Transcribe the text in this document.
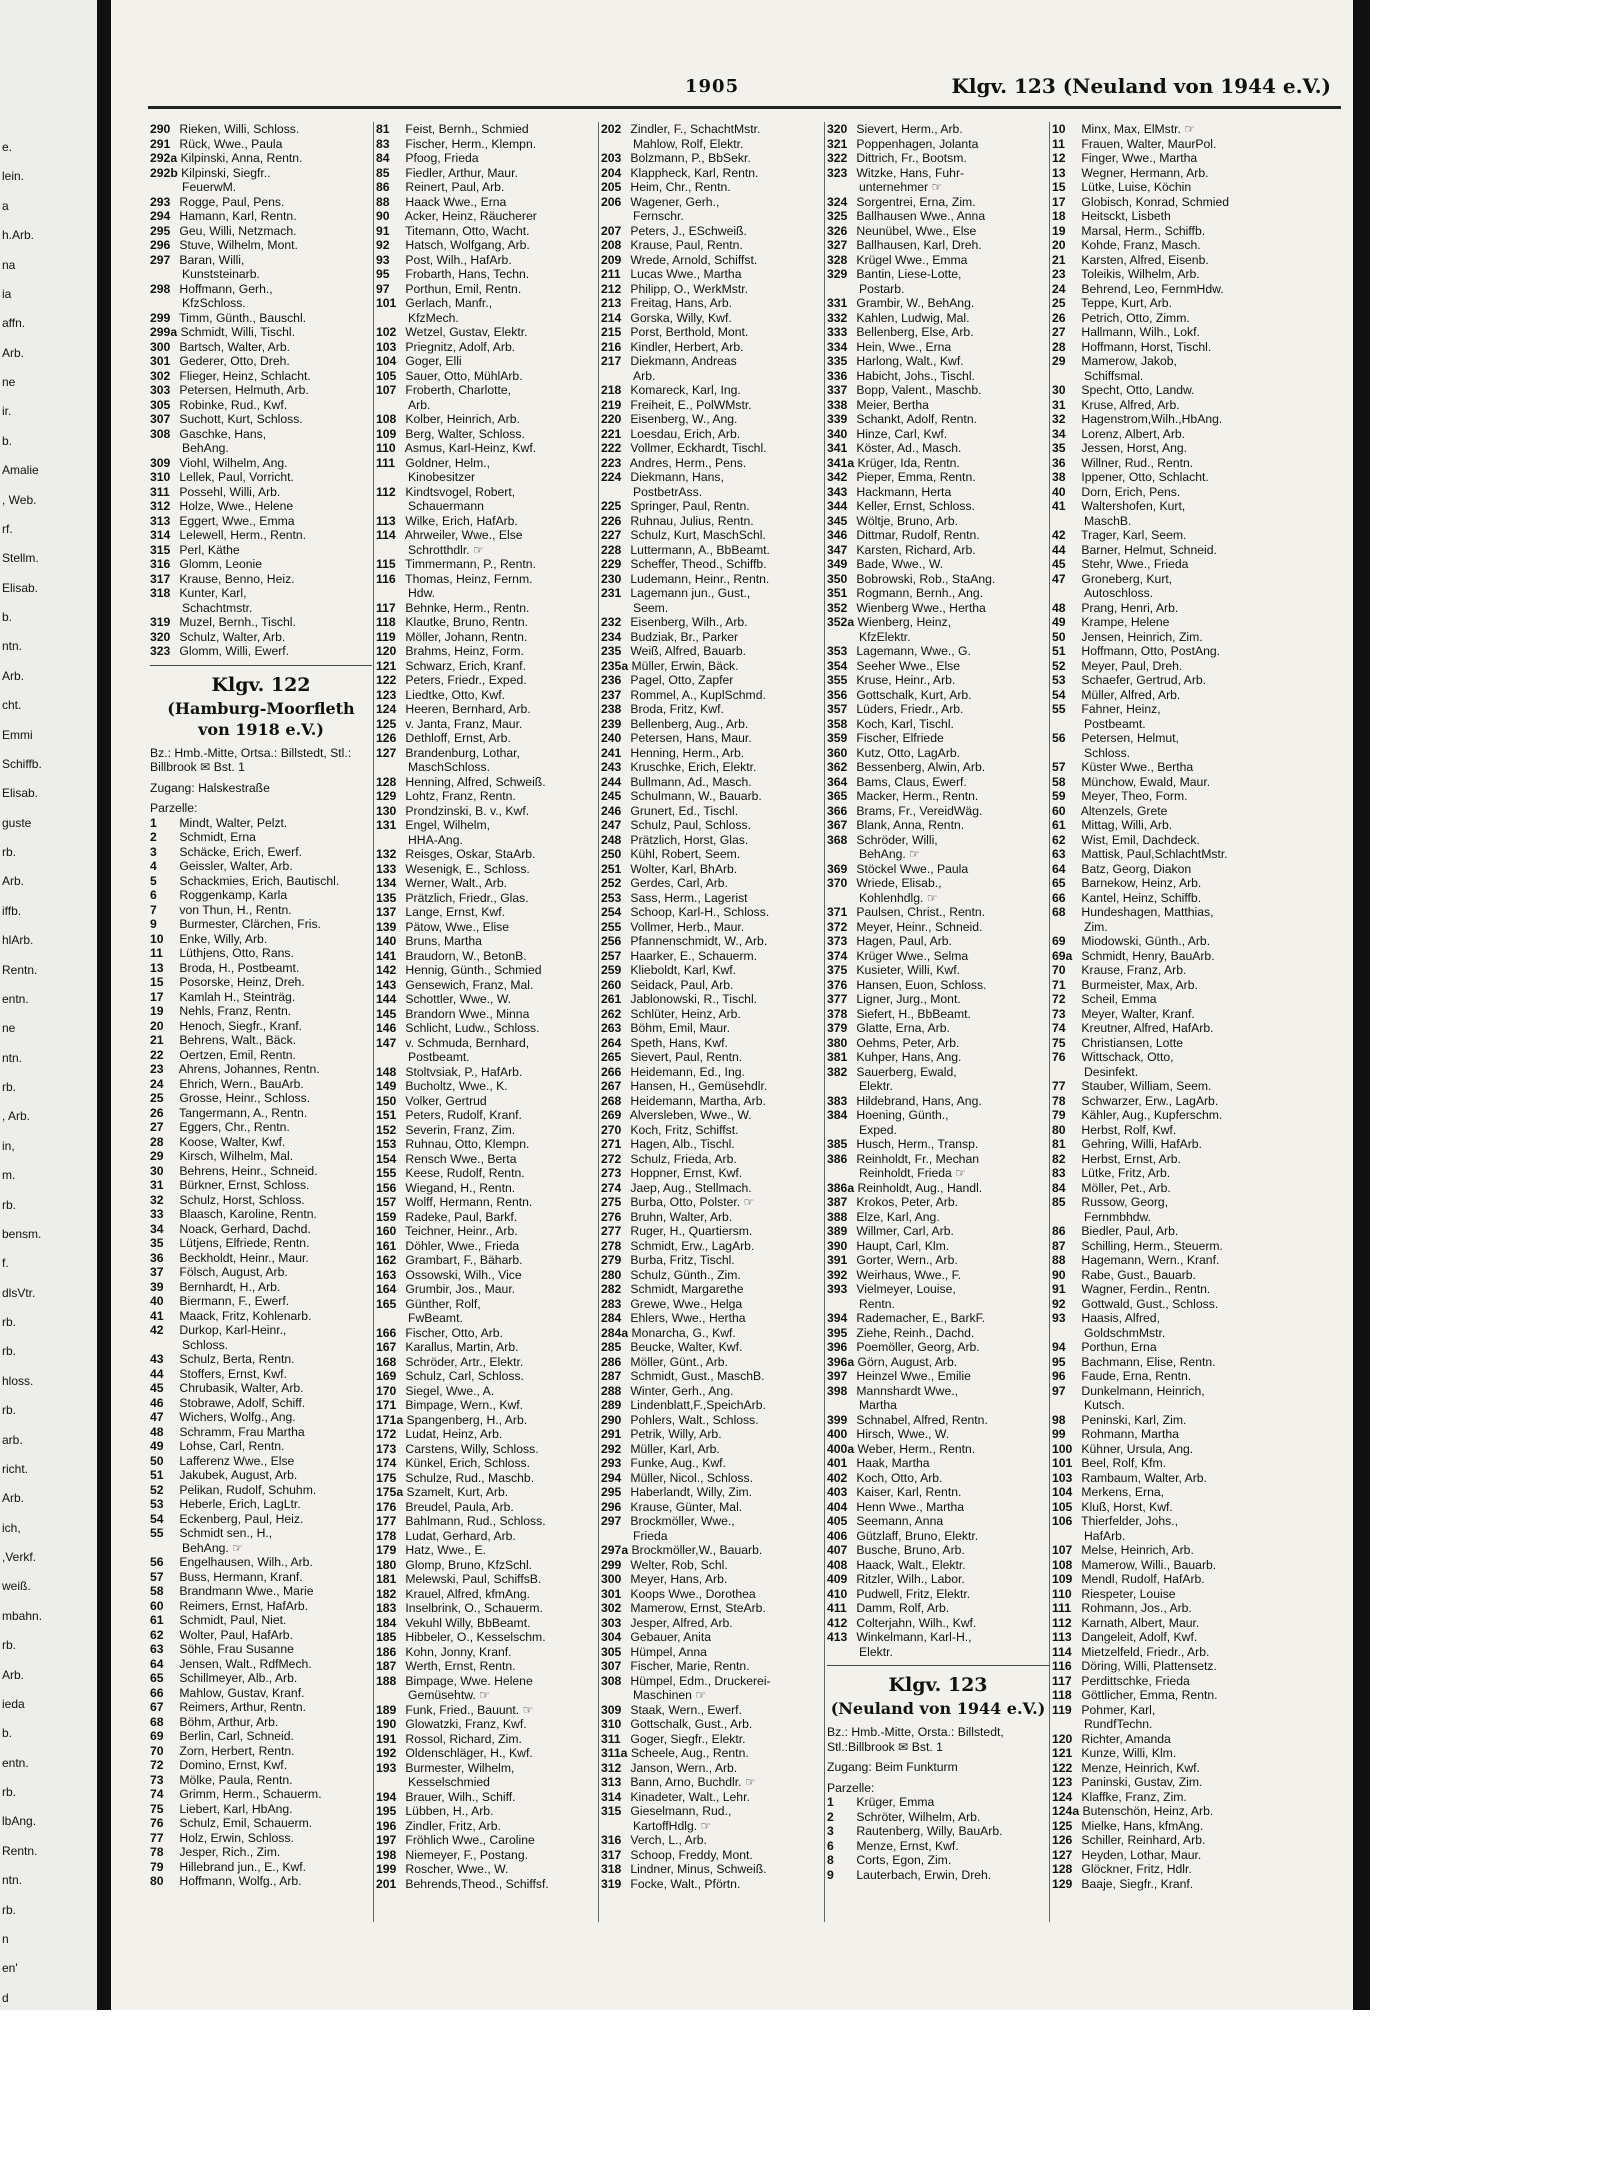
e.
lein.
a
h.Arb.
na
ia
affn.
Arb.
ne
ir.
b.
Amalie
, Web.
rf.
Stellm.
Elisab.
b.
ntn.
Arb.
cht.
Emmi
Schiffb.
Elisab.
guste
rb.
Arb.
iffb.
hlArb.
Rentn.
entn.
ne
ntn.
rb.
, Arb.
in,
m.
rb.
bensm.
f.
dlsVtr.
rb.
rb.
hloss.
rb.
arb.
richt.
Arb.
ich,
,Verkf.
weiß.
mbahn.
rb.
Arb.
ieda
b.
entn.
rb.
lbAng.
Rentn.
ntn.
rb.
n
en'
d
1905	Klgv. 123 (Neuland von 1944 e.V.)
290 Rieken, Willi, Schloss.
291 Rück, Wwe., Paula
292a Kilpinski, Anna, Rentn.
292b Kilpinski, Siegfr..
FeuerwM.
293 Rogge, Paul, Pens.
294 Hamann, Karl, Rentn.
295 Geu, Willi, Netzmach.
296 Stuve, Wilhelm, Mont.
297 Baran, Willi,
Kunststeinarb.
298 Hoffmann, Gerh.,
KfzSchloss.
299 Timm, Günth., Bauschl.
299a Schmidt, Willi, Tischl.
300 Bartsch, Walter, Arb.
301 Gederer, Otto, Dreh.
302 Flieger, Heinz, Schlacht.
303 Petersen, Helmuth, Arb.
305 Robinke, Rud., Kwf.
307 Suchott, Kurt, Schloss.
308 Gaschke, Hans,
BehAng.
309 Viohl, Wilhelm, Ang.
310 Lellek, Paul, Vorricht.
311 Possehl, Willi, Arb.
312 Holze, Wwe., Helene
313 Eggert, Wwe., Emma
314 Lelewell, Herm., Rentn.
315 Perl, Käthe
316 Glomm, Leonie
317 Krause, Benno, Heiz.
318 Kunter, Karl,
Schachtmstr.
319 Muzel, Bernh., Tischl.
320 Schulz, Walter, Arb.
323 Glomm, Willi, Ewerf.
Klgv. 122
(Hamburg-Moorfleth
von 1918 e.V.)
Bz.: Hmb.-Mitte, Ortsa.: Billstedt, Stl.: Billbrook ✉ Bst. 1
Zugang: Halskestraße
Parzelle:
1 Mindt, Walter, Pelzt.
2 Schmidt, Erna
3 Schäcke, Erich, Ewerf.
4 Geissler, Walter, Arb.
5 Schackmies, Erich, Bautischl.
6 Roggenkamp, Karla
7 von Thun, H., Rentn.
9 Burmester, Clärchen, Fris.
10 Enke, Willy, Arb.
11 Lüthjens, Otto, Rans.
13 Broda, H., Postbeamt.
15 Posorske, Heinz, Dreh.
17 Kamlah H., Steinträg.
19 Nehls, Franz, Rentn.
20 Henoch, Siegfr., Kranf.
21 Behrens, Walt., Bäck.
22 Oertzen, Emil, Rentn.
23 Ahrens, Johannes, Rentn.
24 Ehrich, Wern., BauArb.
25 Grosse, Heinr., Schloss.
26 Tangermann, A., Rentn.
27 Eggers, Chr., Rentn.
28 Koose, Walter, Kwf.
29 Kirsch, Wilhelm, Mal.
30 Behrens, Heinr., Schneid.
31 Bürkner, Ernst, Schloss.
32 Schulz, Horst, Schloss.
33 Blaasch, Karoline, Rentn.
34 Noack, Gerhard, Dachd.
35 Lütjens, Elfriede, Rentn.
36 Beckholdt, Heinr., Maur.
37 Fölsch, August, Arb.
39 Bernhardt, H., Arb.
40 Biermann, F., Ewerf.
41 Maack, Fritz, Kohlenarb.
42 Durkop, Karl-Heinr.,
Schloss.
43 Schulz, Berta, Rentn.
44 Stoffers, Ernst, Kwf.
45 Chrubasik, Walter, Arb.
46 Stobrawe, Adolf, Schiff.
47 Wichers, Wolfg., Ang.
48 Schramm, Frau Martha
49 Lohse, Carl, Rentn.
50 Lafferenz Wwe., Else
51 Jakubek, August, Arb.
52 Pelikan, Rudolf, Schuhm.
53 Heberle, Erich, LagLtr.
54 Eckenberg, Paul, Heiz.
55 Schmidt sen., H.,
BehAng. ☞
56 Engelhausen, Wilh., Arb.
57 Buss, Hermann, Kranf.
58 Brandmann Wwe., Marie
60 Reimers, Ernst, HafArb.
61 Schmidt, Paul, Niet.
62 Wolter, Paul, HafArb.
63 Söhle, Frau Susanne
64 Jensen, Walt., RdfMech.
65 Schillmeyer, Alb., Arb.
66 Mahlow, Gustav, Kranf.
67 Reimers, Arthur, Rentn.
68 Böhm, Arthur, Arb.
69 Berlin, Carl, Schneid.
70 Zorn, Herbert, Rentn.
72 Domino, Ernst, Kwf.
73 Mölke, Paula, Rentn.
74 Grimm, Herm., Schauerm.
75 Liebert, Karl, HbAng.
76 Schulz, Emil, Schauerm.
77 Holz, Erwin, Schloss.
78 Jesper, Rich., Zim.
79 Hillebrand jun., E., Kwf.
80 Hoffmann, Wolfg., Arb.
81 Feist, Bernh., Schmied
83 Fischer, Herm., Klempn.
84 Pfoog, Frieda
85 Fiedler, Arthur, Maur.
86 Reinert, Paul, Arb.
88 Haack Wwe., Erna
90 Acker, Heinz, Räucherer
91 Titemann, Otto, Wacht.
92 Hatsch, Wolfgang, Arb.
93 Post, Wilh., HafArb.
95 Frobarth, Hans, Techn.
97 Porthun, Emil, Rentn.
101 Gerlach, Manfr.,
KfzMech.
102 Wetzel, Gustav, Elektr.
103 Priegnitz, Adolf, Arb.
104 Goger, Elli
105 Sauer, Otto, MühlArb.
107 Froberth, Charlotte,
Arb.
108 Kolber, Heinrich, Arb.
109 Berg, Walter, Schloss.
110 Asmus, Karl-Heinz, Kwf.
111 Goldner, Helm.,
Kinobesitzer
112 Kindtsvogel, Robert,
Schauermann
113 Wilke, Erich, HafArb.
114 Ahrweiler, Wwe., Else
Schrotthdlr. ☞
115 Timmermann, P., Rentn.
116 Thomas, Heinz, Fernm.
Hdw.
117 Behnke, Herm., Rentn.
118 Klautke, Bruno, Rentn.
119 Möller, Johann, Rentn.
120 Brahms, Heinz, Form.
121 Schwarz, Erich, Kranf.
122 Peters, Friedr., Exped.
123 Liedtke, Otto, Kwf.
124 Heeren, Bernhard, Arb.
125 v. Janta, Franz, Maur.
126 Dethloff, Ernst, Arb.
127 Brandenburg, Lothar,
MaschSchloss.
128 Henning, Alfred, Schweiß.
129 Lohtz, Franz, Rentn.
130 Prondzinski, B. v., Kwf.
131 Engel, Wilhelm,
HHA-Ang.
132 Reisges, Oskar, StaArb.
133 Wesenigk, E., Schloss.
134 Werner, Walt., Arb.
135 Prätzlich, Friedr., Glas.
137 Lange, Ernst, Kwf.
139 Pätow, Wwe., Elise
140 Bruns, Martha
141 Braudorn, W., BetonB.
142 Hennig, Günth., Schmied
143 Gensewich, Franz, Mal.
144 Schottler, Wwe., W.
145 Brandorn Wwe., Minna
146 Schlicht, Ludw., Schloss.
147 v. Schmuda, Bernhard,
Postbeamt.
148 Stoltvsiak, P., HafArb.
149 Bucholtz, Wwe., K.
150 Volker, Gertrud
151 Peters, Rudolf, Kranf.
152 Severin, Franz, Zim.
153 Ruhnau, Otto, Klempn.
154 Rensch Wwe., Berta
155 Keese, Rudolf, Rentn.
156 Wiegand, H., Rentn.
157 Wolff, Hermann, Rentn.
159 Radeke, Paul, Barkf.
160 Teichner, Heinr., Arb.
161 Döhler, Wwe., Frieda
162 Grambart, F., Bäharb.
163 Ossowski, Wilh., Vice
164 Grumbir, Jos., Maur.
165 Günther, Rolf,
FwBeamt.
166 Fischer, Otto, Arb.
167 Karallus, Martin, Arb.
168 Schröder, Artr., Elektr.
169 Schulz, Carl, Schloss.
170 Siegel, Wwe., A.
171 Bimpage, Wern., Kwf.
171a Spangenberg, H., Arb.
172 Ludat, Heinz, Arb.
173 Carstens, Willy, Schloss.
174 Künkel, Erich, Schloss.
175 Schulze, Rud., Maschb.
175a Szamelt, Kurt, Arb.
176 Breudel, Paula, Arb.
177 Bahlmann, Rud., Schloss.
178 Ludat, Gerhard, Arb.
179 Hatz, Wwe., E.
180 Glomp, Bruno, KfzSchl.
181 Melewski, Paul, SchiffsB.
182 Krauel, Alfred, kfmAng.
183 Inselbrink, O., Schauerm.
184 Vekuhl Willy, BbBeamt.
185 Hibbeler, O., Kesselschm.
186 Kohn, Jonny, Kranf.
187 Werth, Ernst, Rentn.
188 Bimpage, Wwe. Helene
Gemüsehtw. ☞
189 Funk, Fried., Bauunt. ☞
190 Glowatzki, Franz, Kwf.
191 Rossol, Richard, Zim.
192 Oldenschläger, H., Kwf.
193 Burmester, Wilhelm,
Kesselschmied
194 Brauer, Wilh., Schiff.
195 Lübben, H., Arb.
196 Zindler, Fritz, Arb.
197 Fröhlich Wwe., Caroline
198 Niemeyer, F., Postang.
199 Roscher, Wwe., W.
201 Behrends,Theod., Schiffsf.
202 Zindler, F., SchachtMstr.
Mahlow, Rolf, Elektr.
203 Bolzmann, P., BbSekr.
204 Klappheck, Karl, Rentn.
205 Heim, Chr., Rentn.
206 Wagener, Gerh.,
Fernschr.
207 Peters, J., ESchweiß.
208 Krause, Paul, Rentn.
209 Wrede, Arnold, Schiffst.
211 Lucas Wwe., Martha
212 Philipp, O., WerkMstr.
213 Freitag, Hans, Arb.
214 Gorska, Willy, Kwf.
215 Porst, Berthold, Mont.
216 Kindler, Herbert, Arb.
217 Diekmann, Andreas
Arb.
218 Komareck, Karl, Ing.
219 Freiheit, E., PolWMstr.
220 Eisenberg, W., Ang.
221 Loesdau, Erich, Arb.
222 Vollmer, Eckhardt, Tischl.
223 Andres, Herm., Pens.
224 Diekmann, Hans,
PostbetrAss.
225 Springer, Paul, Rentn.
226 Ruhnau, Julius, Rentn.
227 Schulz, Kurt, MaschSchl.
228 Luttermann, A., BbBeamt.
229 Scheffer, Theod., Schiffb.
230 Ludemann, Heinr., Rentn.
231 Lagemann jun., Gust.,
Seem.
232 Eisenberg, Wilh., Arb.
234 Budziak, Br., Parker
235 Weiß, Alfred, Bauarb.
235a Müller, Erwin, Bäck.
236 Pagel, Otto, Zapfer
237 Rommel, A., KuplSchmd.
238 Broda, Fritz, Kwf.
239 Bellenberg, Aug., Arb.
240 Petersen, Hans, Maur.
241 Henning, Herm., Arb.
243 Kruschke, Erich, Elektr.
244 Bullmann, Ad., Masch.
245 Schulmann, W., Bauarb.
246 Grunert, Ed., Tischl.
247 Schulz, Paul, Schloss.
248 Prätzlich, Horst, Glas.
250 Kühl, Robert, Seem.
251 Wolter, Karl, BhArb.
252 Gerdes, Carl, Arb.
253 Sass, Herm., Lagerist
254 Schoop, Karl-H., Schloss.
255 Vollmer, Herb., Maur.
256 Pfannenschmidt, W., Arb.
257 Haarker, E., Schauerm.
259 Klieboldt, Karl, Kwf.
260 Seidack, Paul, Arb.
261 Jablonowski, R., Tischl.
262 Schlüter, Heinz, Arb.
263 Böhm, Emil, Maur.
264 Speth, Hans, Kwf.
265 Sievert, Paul, Rentn.
266 Heidemann, Ed., Ing.
267 Hansen, H., Gemüsehdlr.
268 Heidemann, Martha, Arb.
269 Alversleben, Wwe., W.
270 Koch, Fritz, Schiffst.
271 Hagen, Alb., Tischl.
272 Schulz, Frieda, Arb.
273 Hoppner, Ernst, Kwf.
274 Jaep, Aug., Stellmach.
275 Burba, Otto, Polster. ☞
276 Bruhn, Walter, Arb.
277 Ruger, H., Quartiersm.
278 Schmidt, Erw., LagArb.
279 Burba, Fritz, Tischl.
280 Schulz, Günth., Zim.
282 Schmidt, Margarethe
283 Grewe, Wwe., Helga
284 Ehlers, Wwe., Hertha
284a Monarcha, G., Kwf.
285 Beucke, Walter, Kwf.
286 Möller, Günt., Arb.
287 Schmidt, Gust., MaschB.
288 Winter, Gerh., Ang.
289 Lindenblatt,F.,SpeichArb.
290 Pohlers, Walt., Schloss.
291 Petrik, Willy, Arb.
292 Müller, Karl, Arb.
293 Funke, Aug., Kwf.
294 Müller, Nicol., Schloss.
295 Haberlandt, Willy, Zim.
296 Krause, Günter, Mal.
297 Brockmöller, Wwe.,
Frieda
297a Brockmöller,W., Bauarb.
299 Welter, Rob, Schl.
300 Meyer, Hans, Arb.
301 Koops Wwe., Dorothea
302 Mamerow, Ernst, SteArb.
303 Jesper, Alfred, Arb.
304 Gebauer, Anita
305 Hümpel, Anna
307 Fischer, Marie, Rentn.
308 Hümpel, Edm., Druckerei-
Maschinen ☞
309 Staak, Wern., Ewerf.
310 Gottschalk, Gust., Arb.
311 Goger, Siegfr., Elektr.
311a Scheele, Aug., Rentn.
312 Janson, Wern., Arb.
313 Bann, Arno, Buchdlr. ☞
314 Kinadeter, Walt., Lehr.
315 Gieselmann, Rud.,
KartoffHdlg. ☞
316 Verch, L., Arb.
317 Schoop, Freddy, Mont.
318 Lindner, Minus, Schweiß.
319 Focke, Walt., Pförtn.
320 Sievert, Herm., Arb.
321 Poppenhagen, Jolanta
322 Dittrich, Fr., Bootsm.
323 Witzke, Hans, Fuhr-
unternehmer ☞
324 Sorgentrei, Erna, Zim.
325 Ballhausen Wwe., Anna
326 Neunübel, Wwe., Else
327 Ballhausen, Karl, Dreh.
328 Krügel Wwe., Emma
329 Bantin, Liese-Lotte,
Postarb.
331 Grambir, W., BehAng.
332 Kahlen, Ludwig, Mal.
333 Bellenberg, Else, Arb.
334 Hein, Wwe., Erna
335 Harlong, Walt., Kwf.
336 Habicht, Johs., Tischl.
337 Bopp, Valent., Maschb.
338 Meier, Bertha
339 Schankt, Adolf, Rentn.
340 Hinze, Carl, Kwf.
341 Köster, Ad., Masch.
341a Krüger, Ida, Rentn.
342 Pieper, Emma, Rentn.
343 Hackmann, Herta
344 Keller, Ernst, Schloss.
345 Wöltje, Bruno, Arb.
346 Dittmar, Rudolf, Rentn.
347 Karsten, Richard, Arb.
349 Bade, Wwe., W.
350 Bobrowski, Rob., StaAng.
351 Rogmann, Bernh., Ang.
352 Wienberg Wwe., Hertha
352a Wienberg, Heinz,
KfzElektr.
353 Lagemann, Wwe., G.
354 Seeher Wwe., Else
355 Kruse, Heinr., Arb.
356 Gottschalk, Kurt, Arb.
357 Lüders, Friedr., Arb.
358 Koch, Karl, Tischl.
359 Fischer, Elfriede
360 Kutz, Otto, LagArb.
362 Bessenberg, Alwin, Arb.
364 Bams, Claus, Ewerf.
365 Macker, Herm., Rentn.
366 Brams, Fr., VereidWäg.
367 Blank, Anna, Rentn.
368 Schröder, Willi,
BehAng. ☞
369 Stöckel Wwe., Paula
370 Wriede, Elisab.,
Kohlenhdlg. ☞
371 Paulsen, Christ., Rentn.
372 Meyer, Heinr., Schneid.
373 Hagen, Paul, Arb.
374 Krüger Wwe., Selma
375 Kusieter, Willi, Kwf.
376 Hansen, Euon, Schloss.
377 Ligner, Jurg., Mont.
378 Siefert, H., BbBeamt.
379 Glatte, Erna, Arb.
380 Oehms, Peter, Arb.
381 Kuhper, Hans, Ang.
382 Sauerberg, Ewald,
Elektr.
383 Hildebrand, Hans, Ang.
384 Hoening, Günth.,
Exped.
385 Husch, Herm., Transp.
386 Reinholdt, Fr., Mechan
Reinholdt, Frieda ☞
386a Reinholdt, Aug., Handl.
387 Krokos, Peter, Arb.
388 Elze, Karl, Ang.
389 Willmer, Carl, Arb.
390 Haupt, Carl, Klm.
391 Gorter, Wern., Arb.
392 Weirhaus, Wwe., F.
393 Vielmeyer, Louise,
Rentn.
394 Rademacher, E., BarkF.
395 Ziehe, Reinh., Dachd.
396 Poemöller, Georg, Arb.
396a Görn, August, Arb.
397 Heinzel Wwe., Emilie
398 Mannshardt Wwe.,
Martha
399 Schnabel, Alfred, Rentn.
400 Hirsch, Wwe., W.
400a Weber, Herm., Rentn.
401 Haak, Martha
402 Koch, Otto, Arb.
403 Kaiser, Karl, Rentn.
404 Henn Wwe., Martha
405 Seemann, Anna
406 Gützlaff, Bruno, Elektr.
407 Busche, Bruno, Arb.
408 Haack, Walt., Elektr.
409 Ritzler, Wilh., Labor.
410 Pudwell, Fritz, Elektr.
411 Damm, Rolf, Arb.
412 Colterjahn, Wilh., Kwf.
413 Winkelmann, Karl-H.,
Elektr.
Klgv. 123
(Neuland von 1944 e.V.)
Bz.: Hmb.-Mitte, Orsta.: Billstedt, Stl.:Billbrook ✉ Bst. 1
Zugang: Beim Funkturm
Parzelle:
1 Krüger, Emma
2 Schröter, Wilhelm, Arb.
3 Rautenberg, Willy, BauArb.
6 Menze, Ernst, Kwf.
8 Corts, Egon, Zim.
9 Lauterbach, Erwin, Dreh.
10 Minx, Max, ElMstr. ☞
11 Frauen, Walter, MaurPol.
12 Finger, Wwe., Martha
13 Wegner, Hermann, Arb.
15 Lütke, Luise, Köchin
17 Globisch, Konrad, Schmied
18 Heitsckt, Lisbeth
19 Marsal, Herm., Schiffb.
20 Kohde, Franz, Masch.
21 Karsten, Alfred, Eisenb.
23 Toleikis, Wilhelm, Arb.
24 Behrend, Leo, FernmHdw.
25 Teppe, Kurt, Arb.
26 Petrich, Otto, Zimm.
27 Hallmann, Wilh., Lokf.
28 Hoffmann, Horst, Tischl.
29 Mamerow, Jakob,
Schiffsmal.
30 Specht, Otto, Landw.
31 Kruse, Alfred, Arb.
32 Hagenstrom,Wilh.,HbAng.
34 Lorenz, Albert, Arb.
35 Jessen, Horst, Ang.
36 Willner, Rud., Rentn.
38 Ippener, Otto, Schlacht.
40 Dorn, Erich, Pens.
41 Waltershofen, Kurt,
MaschB.
42 Trager, Karl, Seem.
44 Barner, Helmut, Schneid.
45 Stehr, Wwe., Frieda
47 Groneberg, Kurt,
Autoschloss.
48 Prang, Henri, Arb.
49 Krampe, Helene
50 Jensen, Heinrich, Zim.
51 Hoffmann, Otto, PostAng.
52 Meyer, Paul, Dreh.
53 Schaefer, Gertrud, Arb.
54 Müller, Alfred, Arb.
55 Fahner, Heinz,
Postbeamt.
56 Petersen, Helmut,
Schloss.
57 Küster Wwe., Bertha
58 Münchow, Ewald, Maur.
59 Meyer, Theo, Form.
60 Altenzels, Grete
61 Mittag, Willi, Arb.
62 Wist, Emil, Dachdeck.
63 Mattisk, Paul,SchlachtMstr.
64 Batz, Georg, Diakon
65 Barnekow, Heinz, Arb.
66 Kantel, Heinz, Schiffb.
68 Hundeshagen, Matthias,
Zim.
69 Miodowski, Günth., Arb.
69a Schmidt, Henry, BauArb.
70 Krause, Franz, Arb.
71 Burmeister, Max, Arb.
72 Scheil, Emma
73 Meyer, Walter, Kranf.
74 Kreutner, Alfred, HafArb.
75 Christiansen, Lotte
76 Wittschack, Otto,
Desinfekt.
77 Stauber, William, Seem.
78 Schwarzer, Erw., LagArb.
79 Kähler, Aug., Kupferschm.
80 Herbst, Rolf, Kwf.
81 Gehring, Willi, HafArb.
82 Herbst, Ernst, Arb.
83 Lütke, Fritz, Arb.
84 Möller, Pet., Arb.
85 Russow, Georg,
Fernmbhdw.
86 Biedler, Paul, Arb.
87 Schilling, Herm., Steuerm.
88 Hagemann, Wern., Kranf.
90 Rabe, Gust., Bauarb.
91 Wagner, Ferdin., Rentn.
92 Gottwald, Gust., Schloss.
93 Haasis, Alfred,
GoldschmMstr.
94 Porthun, Erna
95 Bachmann, Elise, Rentn.
96 Faude, Erna, Rentn.
97 Dunkelmann, Heinrich,
Kutsch.
98 Peninski, Karl, Zim.
99 Rohmann, Martha
100 Kühner, Ursula, Ang.
101 Beel, Rolf, Kfm.
103 Rambaum, Walter, Arb.
104 Merkens, Erna,
105 Kluß, Horst, Kwf.
106 Thierfelder, Johs.,
HafArb.
107 Melse, Heinrich, Arb.
108 Mamerow, Willi., Bauarb.
109 Mendl, Rudolf, HafArb.
110 Riespeter, Louise
111 Rohmann, Jos., Arb.
112 Karnath, Albert, Maur.
113 Dangeleit, Adolf, Kwf.
114 Mietzelfeld, Friedr., Arb.
116 Döring, Willi, Plattensetz.
117 Perdittschke, Frieda
118 Göttlicher, Emma, Rentn.
119 Pohmer, Karl,
RundfTechn.
120 Richter, Amanda
121 Kunze, Willi, Klm.
122 Menze, Heinrich, Kwf.
123 Paninski, Gustav, Zim.
124 Klaffke, Franz, Zim.
124a Butenschön, Heinz, Arb.
125 Mielke, Hans, kfmAng.
126 Schiller, Reinhard, Arb.
127 Heyden, Lothar, Maur.
128 Glöckner, Fritz, Hdlr.
129 Baaje, Siegfr., Kranf.
